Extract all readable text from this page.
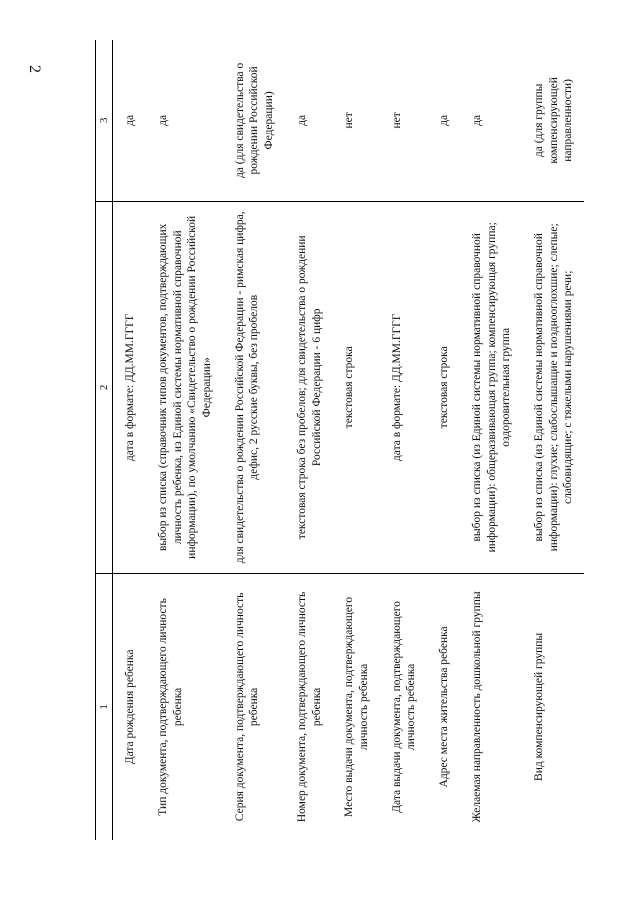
2
1	2	3
Дата рождения ребенка	дата в формате: ДД.ММ.ГГГГ	да
Тип документа, подтверждающего личность ребенка	выбор из списка (справочник типов документов, подтверждающих личность ребенка, из Единой системы нормативной справочной информации), по умолчанию «Свидетельство о рождении Российской Федерации»	да
Серия документа, подтверждающего личность ребенка	для свидетельства о рождении Российской Федерации - римская цифра, дефис, 2 русские буквы, без пробелов	да (для свидетельства о рождении Российской Федерации)
Номер документа, подтверждающего личность ребенка	текстовая строка без пробелов; для свидетельства о рождении Российской Федерации - 6 цифр	да
Место выдачи документа, подтверждающего личность ребенка	текстовая строка	нет
Дата выдачи документа, подтверждающего личность ребенка	дата в формате: ДД.ММ.ГГГГ	нет
Адрес места жительства ребенка	текстовая строка	да
Желаемая направленность дошкольной группы	выбор из списка (из Единой системы нормативной справочной информации): общеразвивающая группа; компенсирующая группа; оздоровительная группа	да
Вид компенсирующей группы	выбор из списка (из Единой системы нормативной справочной информации): глухие; слабослышащие и позднооглохшие; слепые; слабовидящие; с тяжелыми нарушениями речи;	да (для группы компенсирующей направленности)
